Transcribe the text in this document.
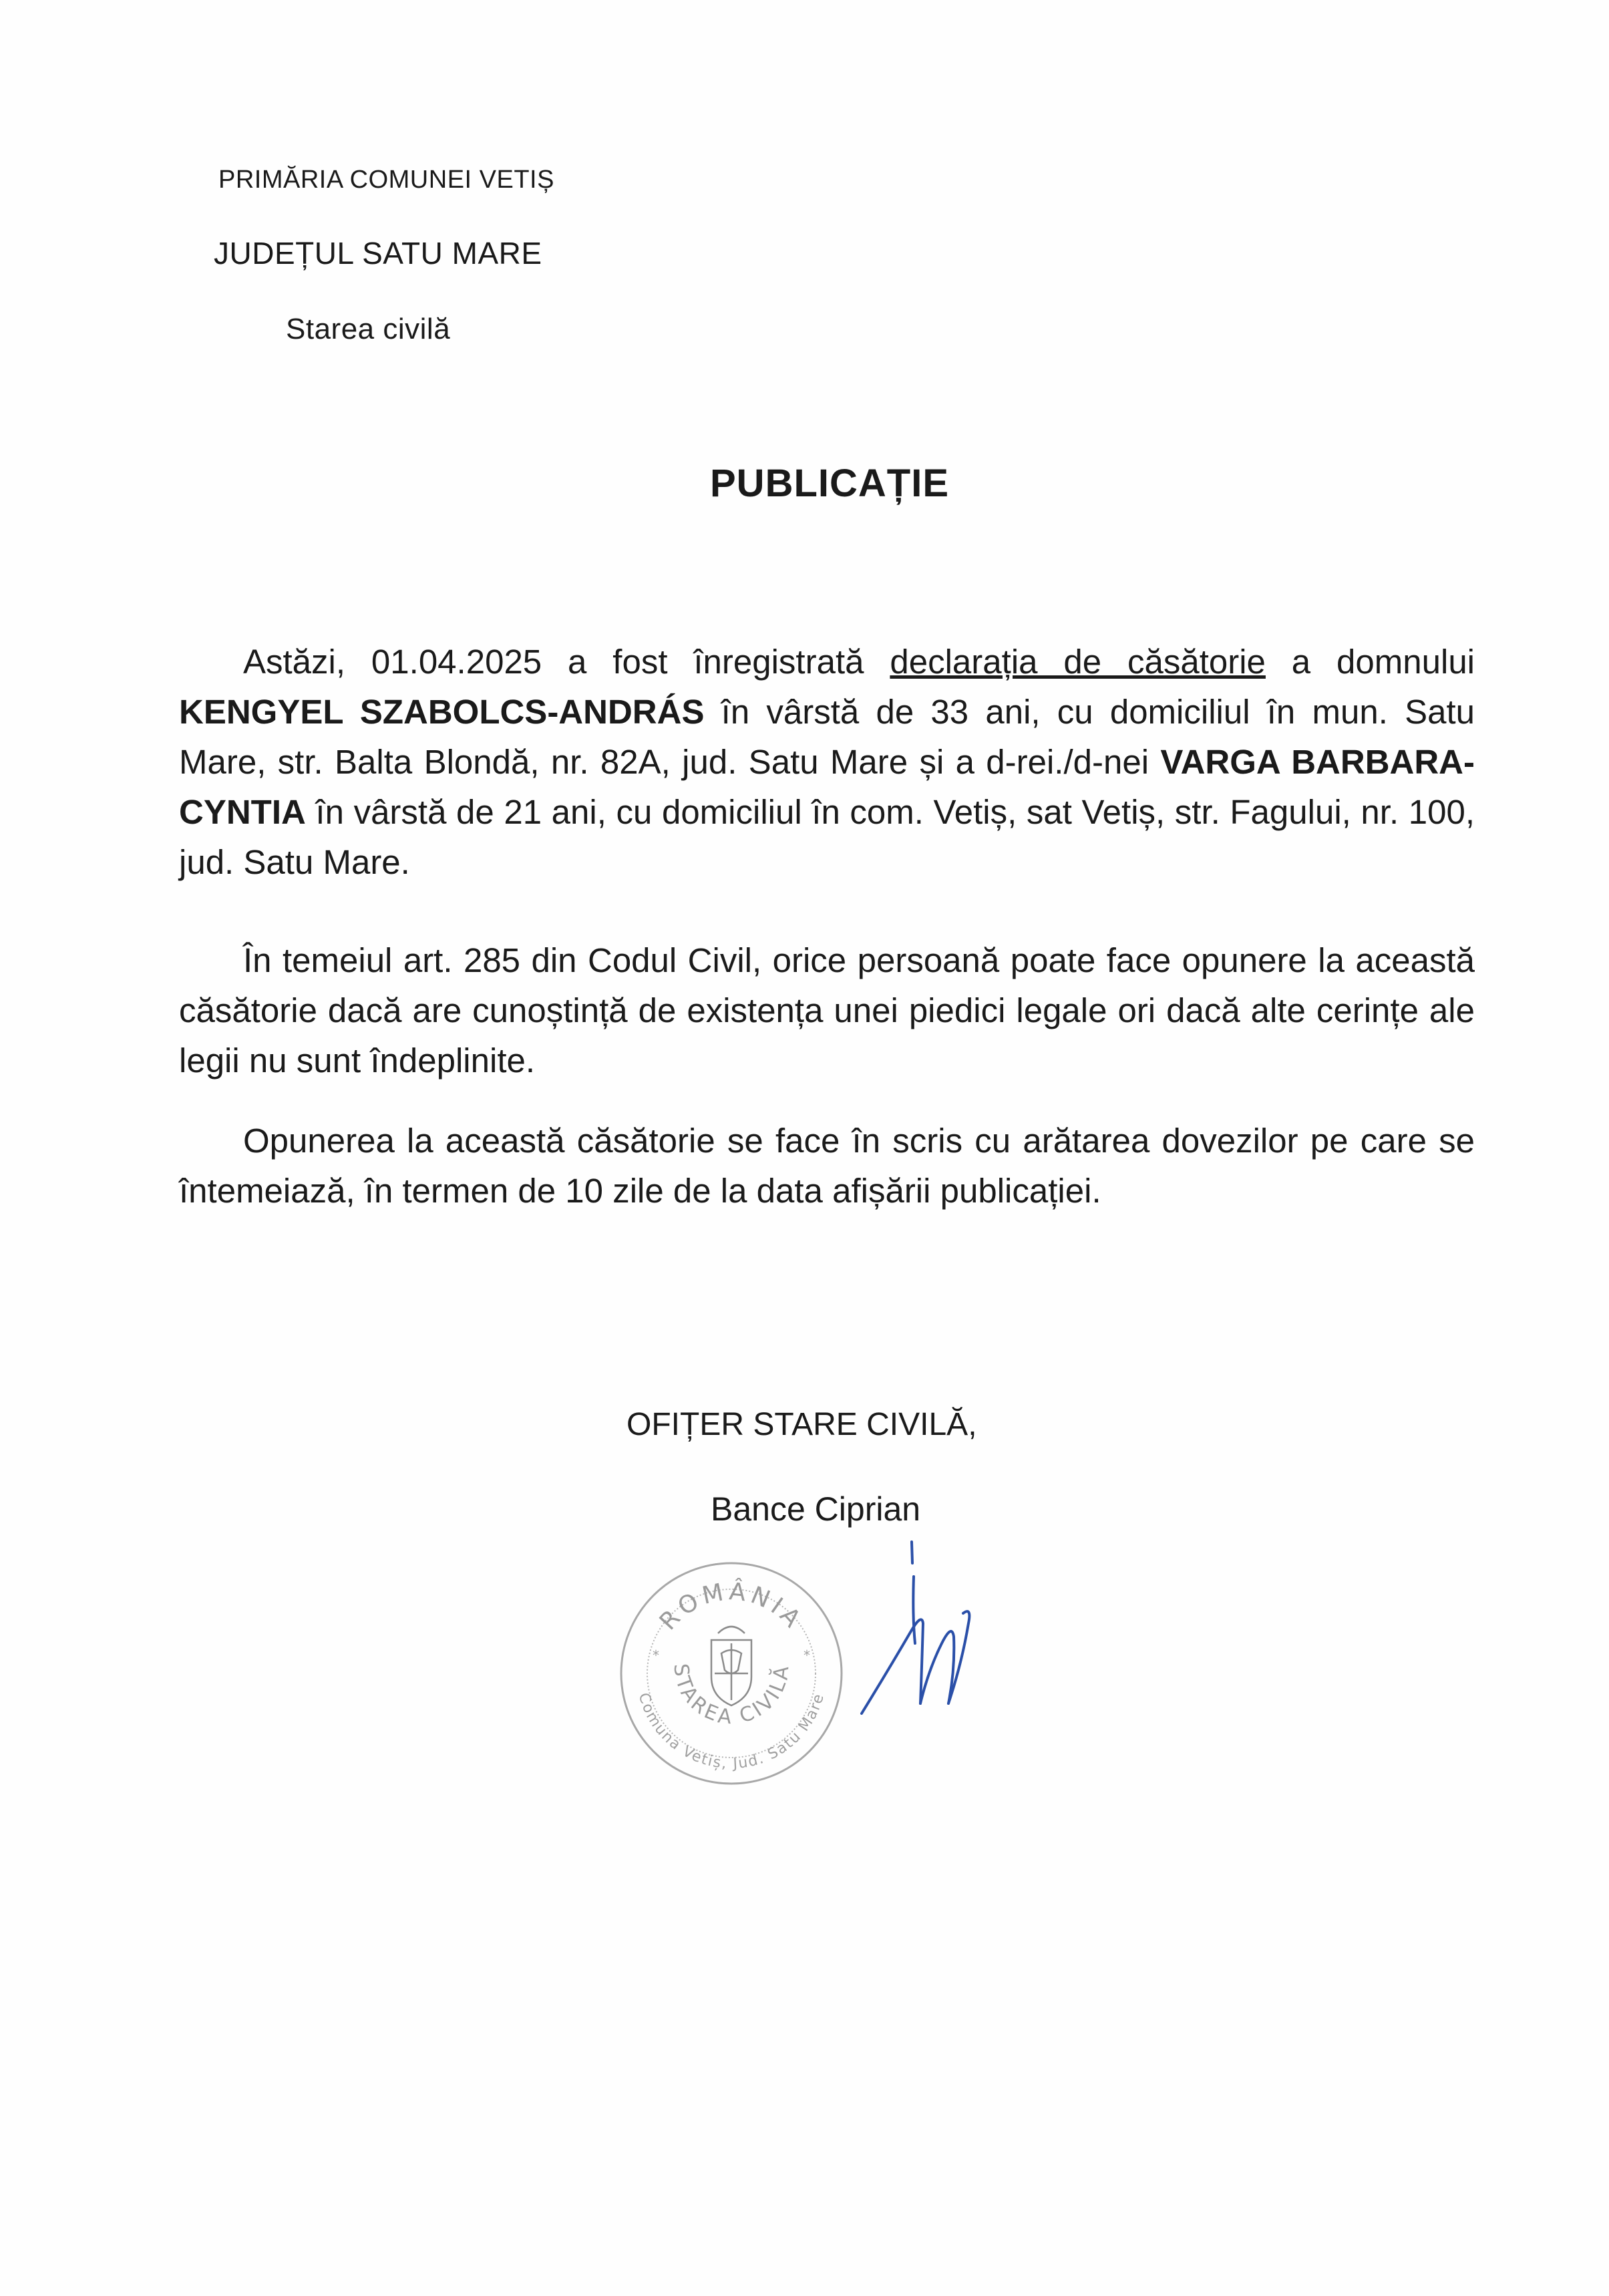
PRIMĂRIA COMUNEI VETIȘ
JUDEȚUL SATU MARE
Starea civilă
PUBLICAȚIE

Astăzi, 01.04.2025 a fost înregistrată declarația de căsătorie a domnului KENGYEL SZABOLCS-ANDRÁS în vârstă de 33 ani, cu domiciliul în mun. Satu Mare, str. Balta Blondă, nr. 82A, jud. Satu Mare și a d-rei./d-nei VARGA BARBARA-CYNTIA în vârstă de 21 ani, cu domiciliul în com. Vetiș, sat Vetiș, str. Fagului, nr. 100, jud. Satu Mare.

În temeiul art. 285 din Codul Civil, orice persoană poate face opunere la această căsătorie dacă are cunoștință de existența unei piedici legale ori dacă alte cerințe ale legii nu sunt îndeplinite.

Opunerea la această căsătorie se face în scris cu arătarea dovezilor pe care se întemeiază, în termen de 10 zile de la data afișării publicației.

OFIȚER STARE CIVILĂ,
Bance Ciprian
ROMÂNIA
STAREA CIVILĂ
Comuna Vetiș, Jud. Satu Mare
*	*
